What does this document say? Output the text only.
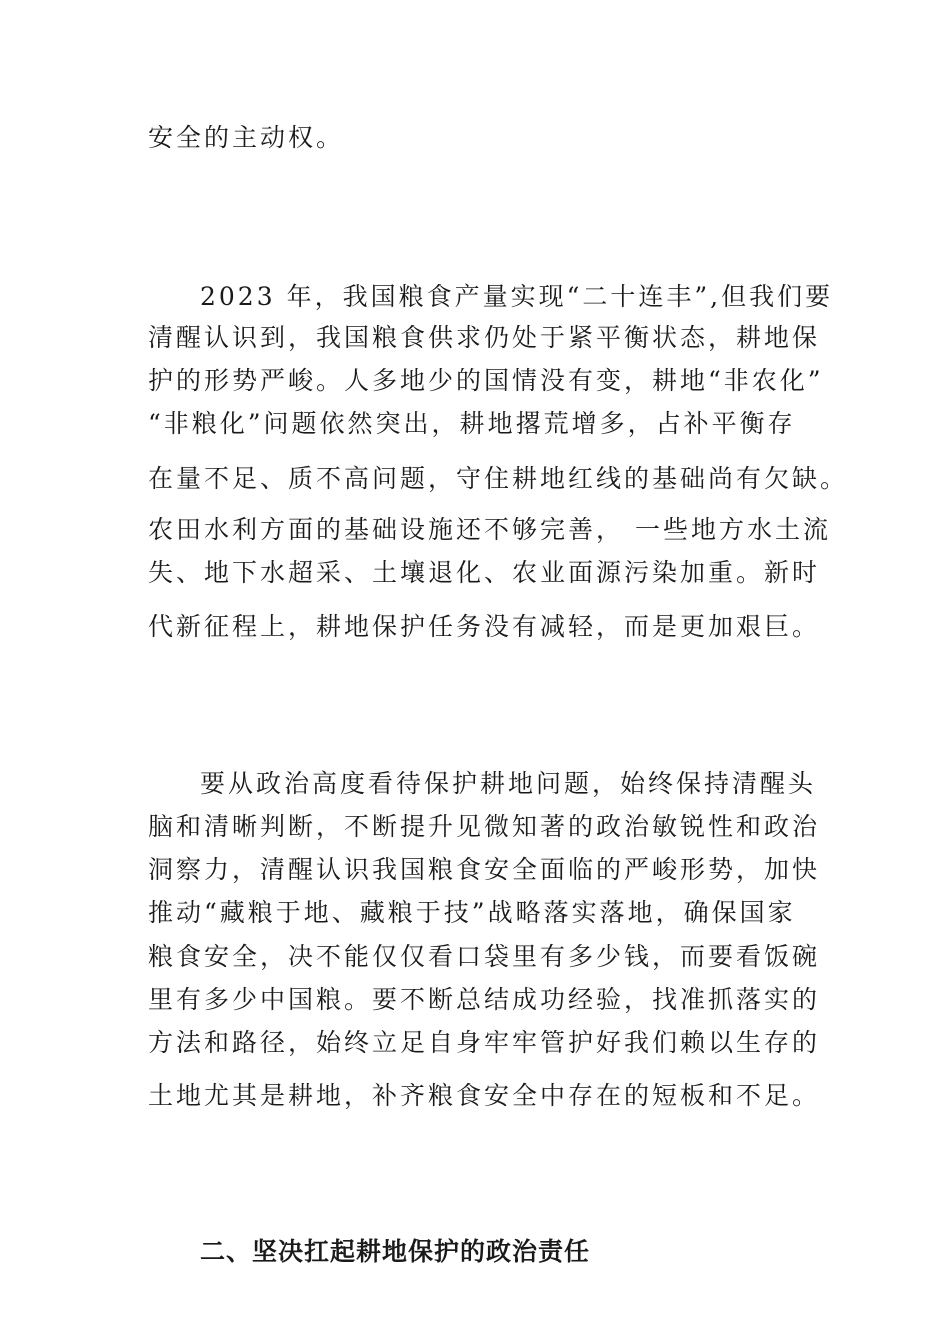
安全的主动权。
2023 年，我国粮食产量实现“二十连丰”,但我们要
清醒认识到，我国粮食供求仍处于紧平衡状态，耕地保
护的形势严峻。人多地少的国情没有变，耕地“非农化”
“非粮化”问题依然突出，耕地撂荒增多，占补平衡存
在量不足、质不高问题，守住耕地红线的基础尚有欠缺。
农田水利方面的基础设施还不够完善， 一些地方水土流
失、地下水超采、土壤退化、农业面源污染加重。新时
代新征程上，耕地保护任务没有减轻，而是更加艰巨。
要从政治高度看待保护耕地问题，始终保持清醒头
脑和清晰判断，不断提升见微知著的政治敏锐性和政治
洞察力，清醒认识我国粮食安全面临的严峻形势，加快
推动“藏粮于地、藏粮于技”战略落实落地，确保国家
粮食安全，决不能仅仅看口袋里有多少钱，而要看饭碗
里有多少中国粮。要不断总结成功经验，找准抓落实的
方法和路径，始终立足自身牢牢管护好我们赖以生存的
土地尤其是耕地，补齐粮食安全中存在的短板和不足。
二、坚决扛起耕地保护的政治责任
